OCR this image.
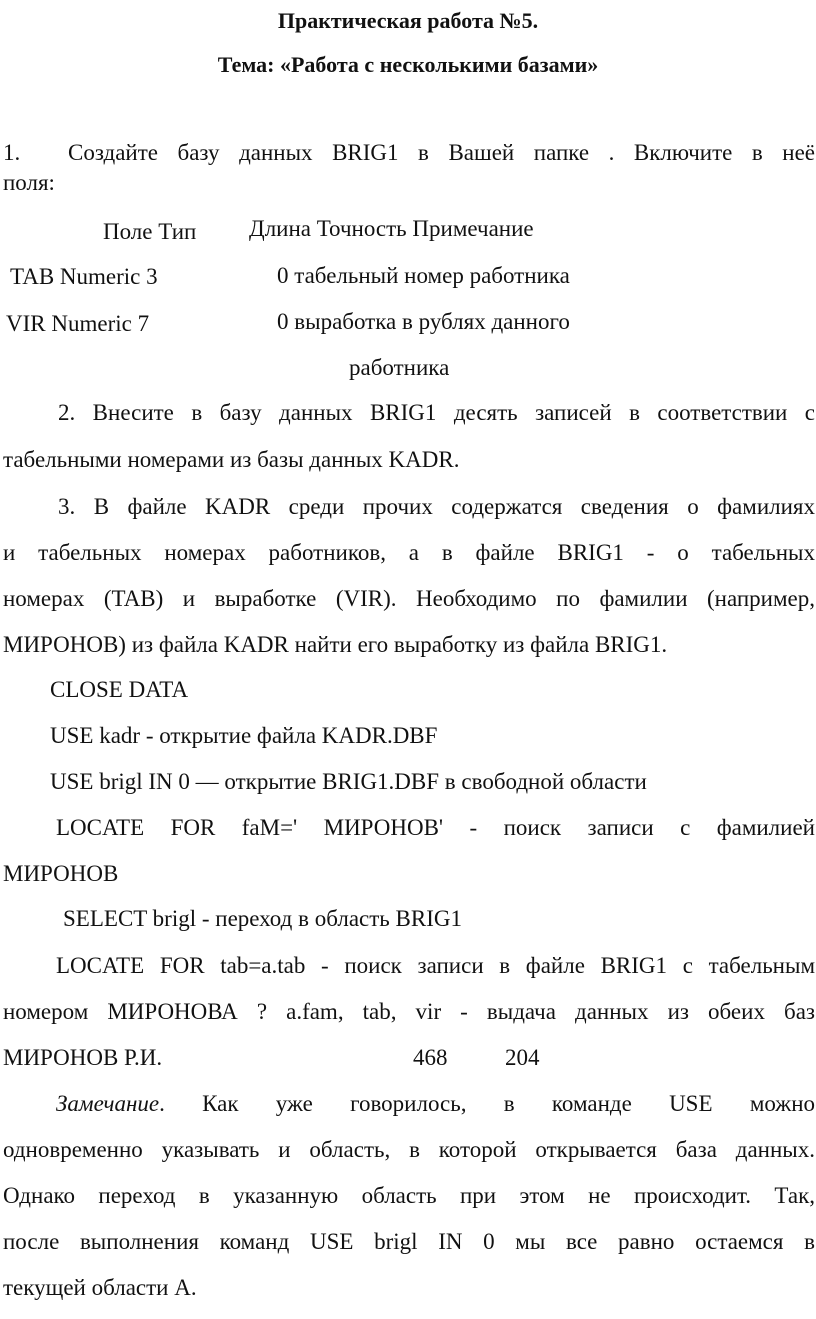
Практическая работа №5.
Тема: «Работа с несколькими базами»
1. Создайте базу данных BRIG1 в Вашей папке . Включите в неё
поля:
Поле Тип Длина Точность Примечание
TAB Numeric 3	0 табельный номер работника
VIR Numeric 7	0 выработка в рублях данного
работника
2. Внесите в базу данных BRIG1 десять записей в соответствии с
табельными номерами из базы данных KADR.
3. В файле KADR среди прочих содержатся сведения о фамилиях
и табельных номерах работников, а в файле BRIG1 - о табельных
номерах (TAB) и выработке (VIR). Необходимо по фамилии (например,
МИРОНОВ) из файла KADR найти его выработку из файла BRIG1.
CLOSE DATA
USE kadr - открытие файла KADR.DBF
USE brigl IN 0 — открытие BRIG1.DBF в свободной области
LOCATE FOR faM=' МИРОНОВ' - поиск записи с фамилией
МИРОНОВ
SELECT brigl - переход в область BRIG1
LOCATE FOR tab=a.tab - поиск записи в файле BRIG1 с табельным
номером МИРОНОВА ? a.fam, tab, vir - выдача данных из обеих баз
МИРОНОВ Р.И.	468	204
Замечание. Как уже говорилось, в команде USE можно
одновременно указывать и область, в которой открывается база данных.
Однако переход в указанную область при этом не происходит. Так,
после выполнения команд USE brigl IN 0 мы все равно остаемся в
текущей области А.
